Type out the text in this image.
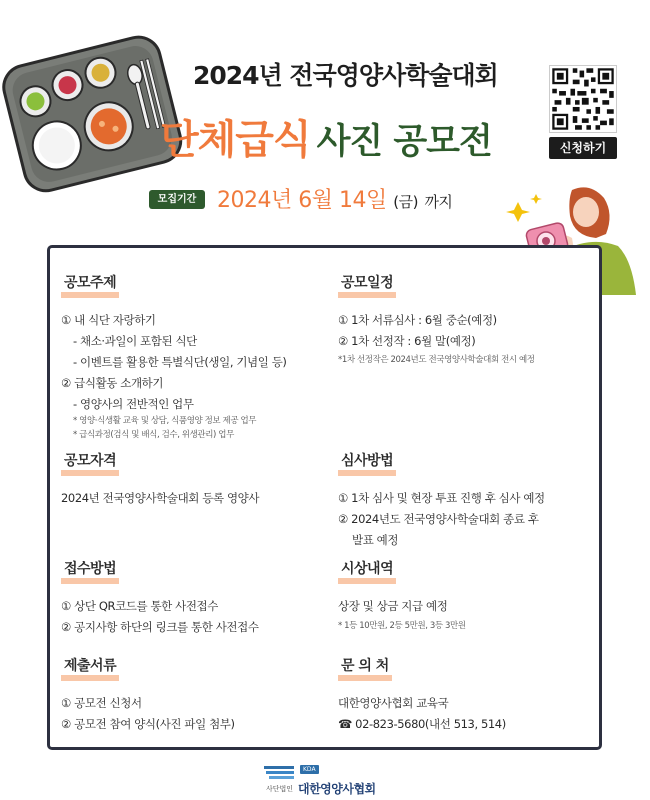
2024년 전국영양사학술대회
단체급식 사진 공모전	신청하기
모집기간 2024년 6월 14일 (금) 까지
공모주제
① 내 식단 자랑하기
- 채소·과일이 포함된 식단
- 이벤트를 활용한 특별식단(생일, 기념일 등)
② 급식활동 소개하기
- 영양사의 전반적인 업무
* 영양·식생활 교육 및 상담, 식품영양 정보 제공 업무
* 급식과정(검식 및 배식, 검수, 위생관리) 업무
공모일정
① 1차 서류심사 : 6월 중순(예정)
② 1차 선정작 : 6월 말(예정)
*1차 선정작은 2024년도 전국영양사학술대회 전시 예정
공모자격
2024년 전국영양사학술대회 등록 영양사
심사방법
① 1차 심사 및 현장 투표 진행 후 심사 예정
② 2024년도 전국영양사학술대회 종료 후
발표 예정
접수방법
① 상단 QR코드를 통한 사전접수
② 공지사항 하단의 링크를 통한 사전접수
시상내역
상장 및 상금 지급 예정
* 1등 10만원, 2등 5만원, 3등 3만원
제출서류
① 공모전 신청서
② 공모전 참여 양식(사진 파일 첨부)
문 의 처
대한영양사협회 교육국
☎ 02-823-5680(내선 513, 514)
KDA
사단법인 대한영양사협회
